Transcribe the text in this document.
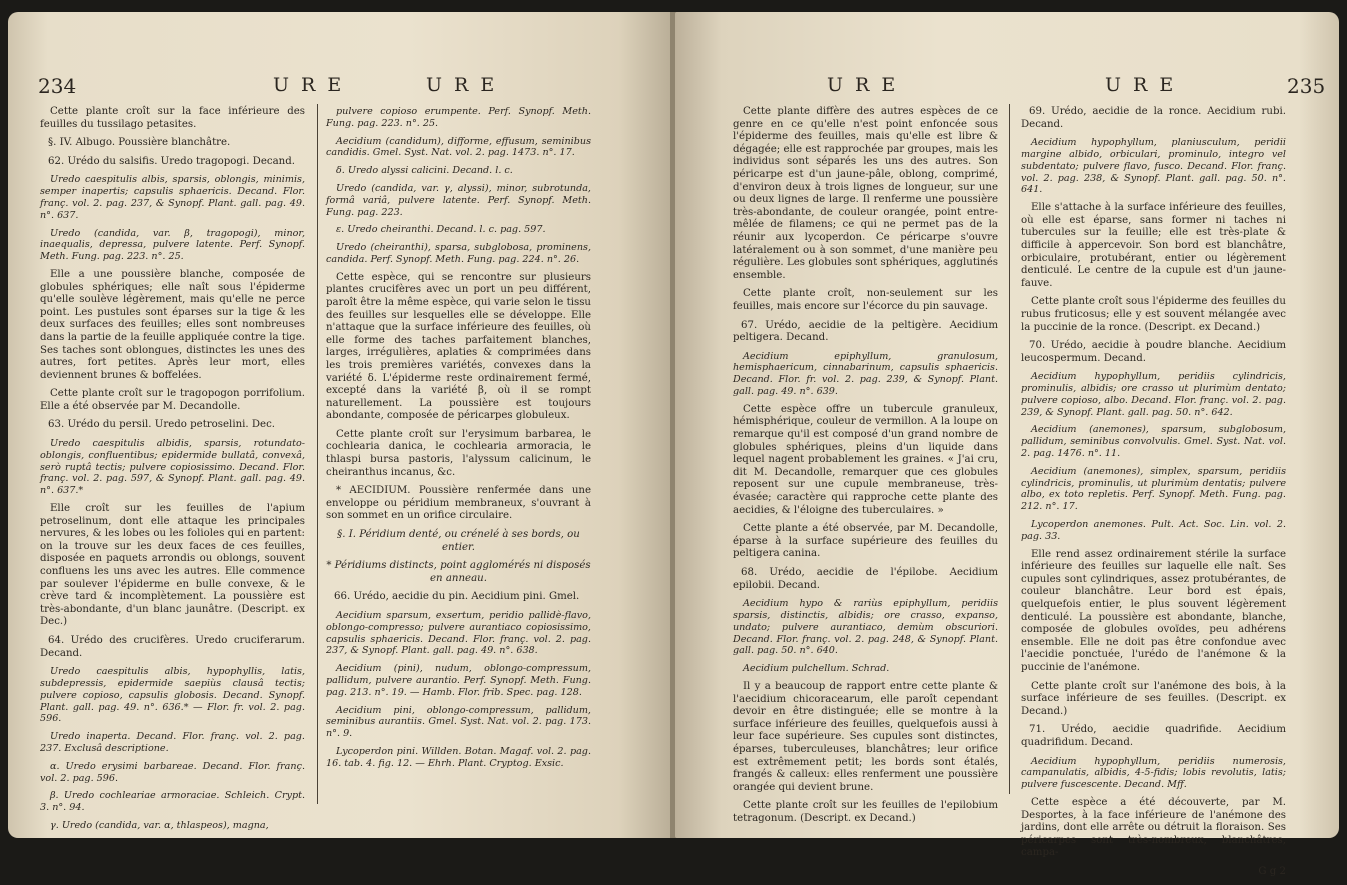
234	U R E	U R E

Cette plante croît sur la face inférieure des feuilles du tussilago petasites.

§. IV. Albugo. Poussière blanchâtre.

62. Urédo du salsifis. Uredo tragopogi. Decand.

Uredo caespitulis albis, sparsis, oblongis, minimis, semper inapertis; capsulis sphaericis. Decand. Flor. franç. vol. 2. pag. 237, & Synopf. Plant. gall. pag. 49. n°. 637.

Uredo (candida, var. β, tragopogi), minor, inaequalis, depressa, pulvere latente. Perf. Synopf. Meth. Fung. pag. 223. n°. 25.

Elle a une poussière blanche, composée de globules sphériques; elle naît sous l'épiderme qu'elle soulève légèrement, mais qu'elle ne perce point. Les pustules sont éparses sur la tige & les deux surfaces des feuilles; elles sont nombreuses dans la partie de la feuille appliquée contre la tige. Ses taches sont oblongues, distinctes les unes des autres, fort petites. Après leur mort, elles deviennent brunes & boffelées.

Cette plante croît sur le tragopogon porrifolium. Elle a été observée par M. Decandolle.

63. Urédo du persil. Uredo petroselini. Dec.

Uredo caespitulis albidis, sparsis, rotundato-oblongis, confluentibus; epidermide bullatâ, convexâ, serò ruptâ tectis; pulvere copiosissimo. Decand. Flor. franç. vol. 2. pag. 597, & Synopf. Plant. gall. pag. 49. n°. 637.*

Elle croît sur les feuilles de l'apium petroselinum, dont elle attaque les principales nervures, & les lobes ou les folioles qui en partent: on la trouve sur les deux faces de ces feuilles, disposée en paquets arrondis ou oblongs, souvent confluens les uns avec les autres. Elle commence par soulever l'épiderme en bulle convexe, & le crève tard & incomplètement. La poussière est très-abondante, d'un blanc jaunâtre. (Descript. ex Dec.)

64. Urédo des crucifères. Uredo cruciferarum. Decand.

Uredo caespitulis albis, hypophyllis, latis, subdepressis, epidermide saepiùs clausâ tectis; pulvere copioso, capsulis globosis. Decand. Synopf. Plant. gall. pag. 49. n°. 636.* — Flor. fr. vol. 2. pag. 596.

Uredo inaperta. Decand. Flor. franç. vol. 2. pag. 237. Exclusâ descriptione.

α. Uredo erysimi barbareae. Decand. Flor. franç. vol. 2. pag. 596.

β. Uredo cochleariae armoraciae. Schleich. Crypt. 3. n°. 94.

γ. Uredo (candida, var. α, thlaspeos), magna,

pulvere copioso erumpente. Perf. Synopf. Meth. Fung. pag. 223. n°. 25.

Aecidium (candidum), difforme, effusum, seminibus candidis. Gmel. Syst. Nat. vol. 2. pag. 1473. n°. 17.

δ. Uredo alyssi calicini. Decand. l. c.

Uredo (candida, var. γ, alyssi), minor, subrotunda, formâ variâ, pulvere latente. Perf. Synopf. Meth. Fung. pag. 223.

ε. Uredo cheiranthi. Decand. l. c. pag. 597.

Uredo (cheiranthi), sparsa, subglobosa, prominens, candida. Perf. Synopf. Meth. Fung. pag. 224. n°. 26.

Cette espèce, qui se rencontre sur plusieurs plantes crucifères avec un port un peu différent, paroît être la même espèce, qui varie selon le tissu des feuilles sur lesquelles elle se développe. Elle n'attaque que la surface inférieure des feuilles, où elle forme des taches parfaitement blanches, larges, irrégulières, aplaties & comprimées dans les trois premières variétés, convexes dans la variété δ. L'épiderme reste ordinairement fermé, excepté dans la variété β, où il se rompt naturellement. La poussière est toujours abondante, composée de péricarpes globuleux.

Cette plante croît sur l'erysimum barbarea, le cochlearia danica, le cochlearia armoracia, le thlaspi bursa pastoris, l'alyssum calicinum, le cheiranthus incanus, &c.

* AECIDIUM. Poussière renfermée dans une enveloppe ou péridium membraneux, s'ouvrant à son sommet en un orifice circulaire.

§. I. Péridium denté, ou crénelé à ses bords, ou entier.

* Péridiums distincts, point agglomérés ni disposés en anneau.

66. Urédo, aecidie du pin. Aecidium pini. Gmel.

Aecidium sparsum, exsertum, peridio pallidè-flavo, oblongo-compresso; pulvere aurantiaco copiosissimo, capsulis sphaericis. Decand. Flor. franç. vol. 2. pag. 237, & Synopf. Plant. gall. pag. 49. n°. 638.

Aecidium (pini), nudum, oblongo-compressum, pallidum, pulvere aurantio. Perf. Synopf. Meth. Fung. pag. 213. n°. 19. — Hamb. Flor. frib. Spec. pag. 128.

Aecidium pini, oblongo-compressum, pallidum, seminibus aurantiis. Gmel. Syst. Nat. vol. 2. pag. 173. n°. 9.

Lycoperdon pini. Willden. Botan. Magaf. vol. 2. pag. 16. tab. 4. fig. 12. — Ehrh. Plant. Cryptog. Exsic.

U R E	U R E	235

Cette plante diffère des autres espèces de ce genre en ce qu'elle n'est point enfoncée sous l'épiderme des feuilles, mais qu'elle est libre & dégagée; elle est rapprochée par groupes, mais les individus sont séparés les uns des autres. Son péricarpe est d'un jaune-pâle, oblong, comprimé, d'environ deux à trois lignes de longueur, sur une ou deux lignes de large. Il renferme une poussière très-abondante, de couleur orangée, point entre-mêlée de filamens; ce qui ne permet pas de la réunir aux lycoperdon. Ce péricarpe s'ouvre latéralement ou à son sommet, d'une manière peu régulière. Les globules sont sphériques, agglutinés ensemble.

Cette plante croît, non-seulement sur les feuilles, mais encore sur l'écorce du pin sauvage.

67. Urédo, aecidie de la peltigère. Aecidium peltigera. Decand.

Aecidium epiphyllum, granulosum, hemisphaericum, cinnabarinum, capsulis sphaericis. Decand. Flor. fr. vol. 2. pag. 239, & Synopf. Plant. gall. pag. 49. n°. 639.

Cette espèce offre un tubercule granuleux, hémisphérique, couleur de vermillon. A la loupe on remarque qu'il est composé d'un grand nombre de globules sphériques, pleins d'un liquide dans lequel nagent probablement les graines. « J'ai cru, dit M. Decandolle, remarquer que ces globules reposent sur une cupule membraneuse, très-évasée; caractère qui rapproche cette plante des aecidies, & l'éloigne des tuberculaires. »

Cette plante a été observée, par M. Decandolle, éparse à la surface supérieure des feuilles du peltigera canina.

68. Urédo, aecidie de l'épilobe. Aecidium epilobii. Decand.

Aecidium hypo & rariùs epiphyllum, peridiis sparsis, distinctis, albidis; ore crasso, expanso, undato; pulvere aurantiaco, demùm obscuriori. Decand. Flor. franç. vol. 2. pag. 248, & Synopf. Plant. gall. pag. 50. n°. 640.

Aecidium pulchellum. Schrad.

Il y a beaucoup de rapport entre cette plante & l'aecidium chicoracearum, elle paroît cependant devoir en être distinguée; elle se montre à la surface inférieure des feuilles, quelquefois aussi à leur face supérieure. Ses cupules sont distinctes, éparses, tuberculeuses, blanchâtres; leur orifice est extrêmement petit; les bords sont étalés, frangés & calleux: elles renferment une poussière orangée qui devient brune.

Cette plante croît sur les feuilles de l'epilobium tetragonum. (Descript. ex Decand.)

69. Urédo, aecidie de la ronce. Aecidium rubi. Decand.

Aecidium hypophyllum, planiusculum, peridii margine albido, orbiculari, prominulo, integro vel subdentato; pulvere flavo, fusco. Decand. Flor. franç. vol. 2. pag. 238, & Synopf. Plant. gall. pag. 50. n°. 641.

Elle s'attache à la surface inférieure des feuilles, où elle est éparse, sans former ni taches ni tubercules sur la feuille; elle est très-plate & difficile à appercevoir. Son bord est blanchâtre, orbiculaire, protubérant, entier ou légèrement denticulé. Le centre de la cupule est d'un jaune-fauve.

Cette plante croît sous l'épiderme des feuilles du rubus fruticosus; elle y est souvent mélangée avec la puccinie de la ronce. (Descript. ex Decand.)

70. Urédo, aecidie à poudre blanche. Aecidium leucospermum. Decand.

Aecidium hypophyllum, peridiis cylindricis, prominulis, albidis; ore crasso ut plurimùm dentato; pulvere copioso, albo. Decand. Flor. franç. vol. 2. pag. 239, & Synopf. Plant. gall. pag. 50. n°. 642.

Aecidium (anemones), sparsum, subglobosum, pallidum, seminibus convolvulis. Gmel. Syst. Nat. vol. 2. pag. 1476. n°. 11.

Aecidium (anemones), simplex, sparsum, peridiis cylindricis, prominulis, ut plurimùm dentatis; pulvere albo, ex toto repletis. Perf. Synopf. Meth. Fung. pag. 212. n°. 17.

Lycoperdon anemones. Pult. Act. Soc. Lin. vol. 2. pag. 33.

Elle rend assez ordinairement stérile la surface inférieure des feuilles sur laquelle elle naît. Ses cupules sont cylindriques, assez protubérantes, de couleur blanchâtre. Leur bord est épais, quelquefois entier, le plus souvent légèrement denticulé. La poussière est abondante, blanche, composée de globules ovoïdes, peu adhérens ensemble. Elle ne doit pas être confondue avec l'aecidie ponctuée, l'urédo de l'anémone & la puccinie de l'anémone.

Cette plante croît sur l'anémone des bois, à la surface inférieure de ses feuilles. (Descript. ex Decand.)

71. Urédo, aecidie quadrifide. Aecidium quadrifidum. Decand.

Aecidium hypophyllum, peridiis numerosis, campanulatis, albidis, 4-5-fidis; lobis revolutis, latis; pulvere fuscescente. Decand. Mff.

Cette espèce a été découverte, par M. Desportes, à la face inférieure de l'anémone des jardins, dont elle arrête ou détruit la floraison. Ses péricarpes sont très-nombreux, blanchâtres, campa-

G g 2
